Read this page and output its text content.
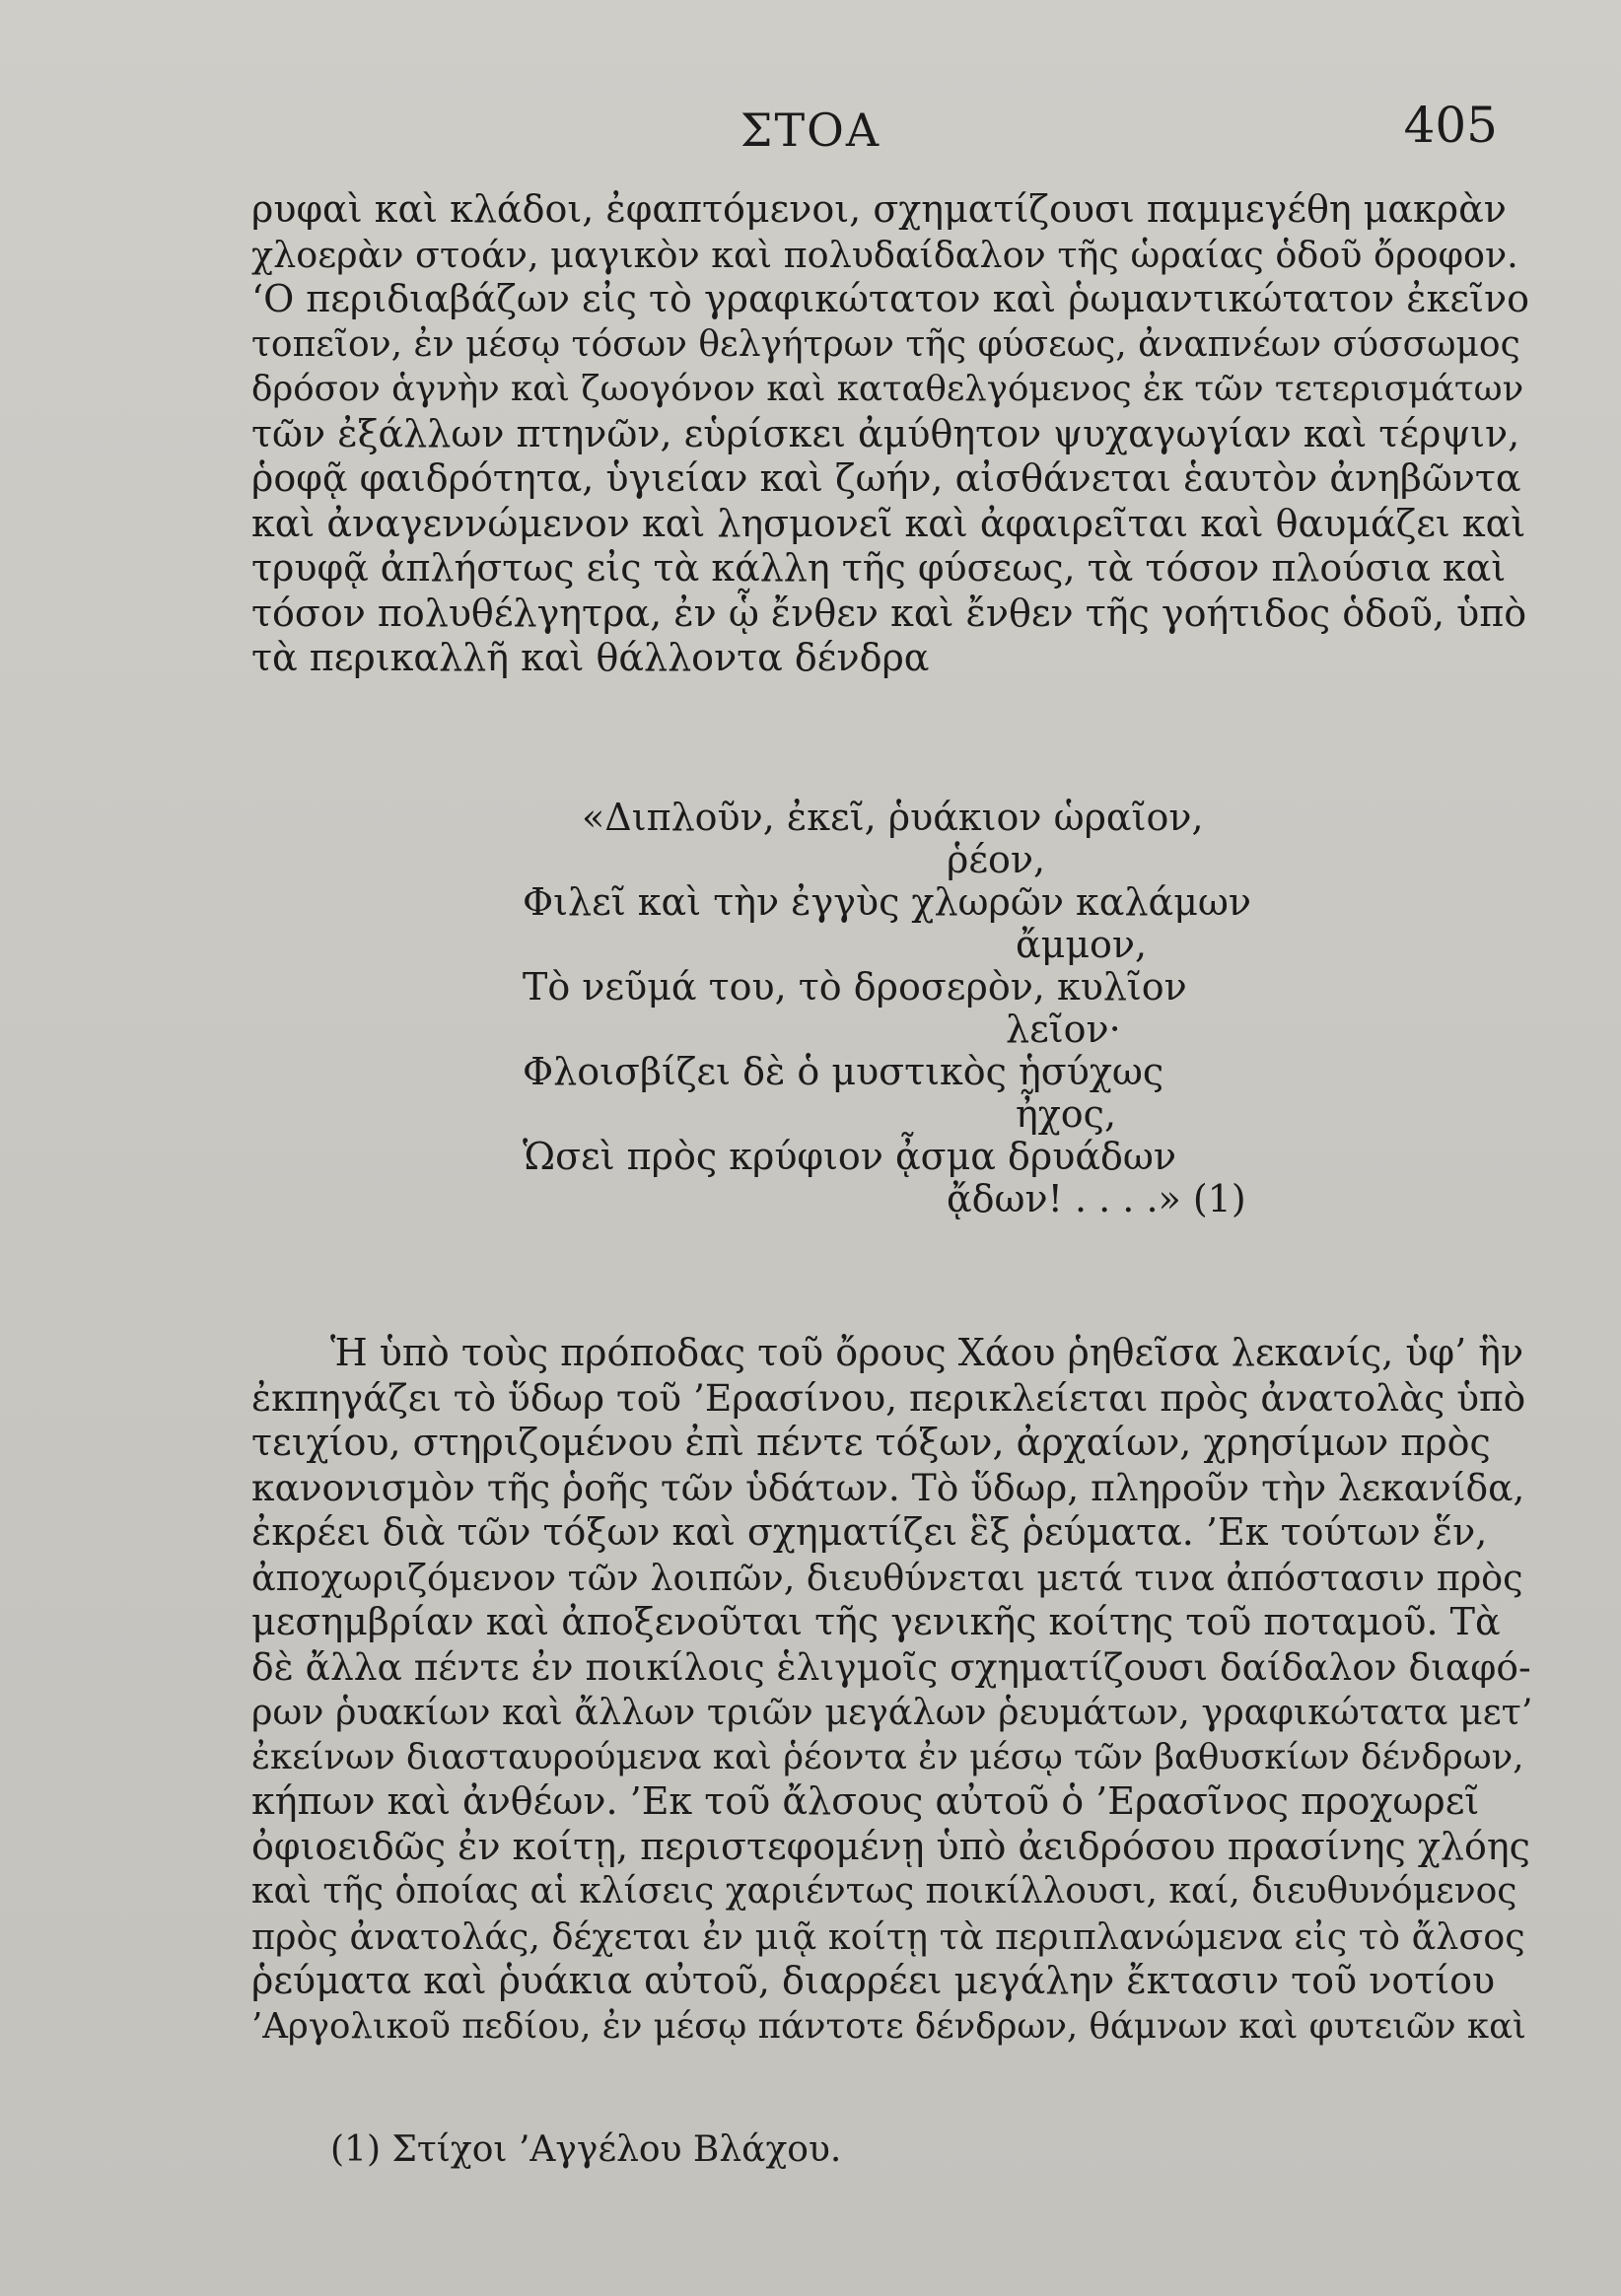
ΣΤΟΑ	405
ρυφαὶ καὶ κλάδοι, ἐφαπτόμενοι, σχηματίζουσι παμμεγέθη μακρὰν
χλοερὰν στοάν, μαγικὸν καὶ πολυδαίδαλον τῆς ὡραίας ὁδοῦ ὄροφον.
‘Ο περιδιαβάζων εἰς τὸ γραφικώτατον καὶ ῥωμαντικώτατον ἐκεῖνο
τοπεῖον, ἐν μέσῳ τόσων θελγήτρων τῆς φύσεως, ἀναπνέων σύσσωμος
δρόσον ἁγνὴν καὶ ζωογόνον καὶ καταθελγόμενος ἐκ τῶν τετερισμάτων
τῶν ἐξάλλων πτηνῶν, εὑρίσκει ἀμύθητον ψυχαγωγίαν καὶ τέρψιν,
ῥοφᾷ φαιδρότητα, ὑγιείαν καὶ ζωήν, αἰσθάνεται ἑαυτὸν ἀνηβῶντα
καὶ ἀναγεννώμενον καὶ λησμονεῖ καὶ ἀφαιρεῖται καὶ θαυμάζει καὶ
τρυφᾷ ἀπλήστως εἰς τὰ κάλλη τῆς φύσεως, τὰ τόσον πλούσια καὶ
τόσον πολυθέλγητρα, ἐν ᾧ ἔνθεν καὶ ἔνθεν τῆς γοήτιδος ὁδοῦ, ὑπὸ
τὰ περικαλλῆ καὶ θάλλοντα δένδρα
«Διπλοῦν, ἐκεῖ, ῥυάκιον ὡραῖον,
ῥέον,
Φιλεῖ καὶ τὴν ἐγγὺς χλωρῶν καλάμων
ἄμμον,
Τὸ νεῦμά του, τὸ δροσερὸν, κυλῖον
λεῖον·
Φλοισβίζει δὲ ὁ μυστικὸς ἡσύχως
ἦχος,
Ὡσεὶ πρὸς κρύφιον ᾆσμα δρυάδων
ᾄδων! . . . .» (1)
Ἡ ὑπὸ τοὺς πρόποδας τοῦ ὄρους Χάου ῥηθεῖσα λεκανίς, ὑφ’ ἣν
ἐκπηγάζει τὸ ὕδωρ τοῦ ’Ερασίνου, περικλείεται πρὸς ἀνατολὰς ὑπὸ
τειχίου, στηριζομένου ἐπὶ πέντε τόξων, ἀρχαίων, χρησίμων πρὸς
κανονισμὸν τῆς ῥοῆς τῶν ὑδάτων. Τὸ ὕδωρ, πληροῦν τὴν λεκανίδα,
ἐκρέει διὰ τῶν τόξων καὶ σχηματίζει ἓξ ῥεύματα. ’Εκ τούτων ἕν,
ἀποχωριζόμενον τῶν λοιπῶν, διευθύνεται μετά τινα ἀπόστασιν πρὸς
μεσημβρίαν καὶ ἀποξενοῦται τῆς γενικῆς κοίτης τοῦ ποταμοῦ. Τὰ
δὲ ἄλλα πέντε ἐν ποικίλοις ἑλιγμοῖς σχηματίζουσι δαίδαλον διαφό-
ρων ῥυακίων καὶ ἄλλων τριῶν μεγάλων ῥευμάτων, γραφικώτατα μετ’
ἐκείνων διασταυρούμενα καὶ ῥέοντα ἐν μέσῳ τῶν βαθυσκίων δένδρων,
κήπων καὶ ἀνθέων. ’Εκ τοῦ ἄλσους αὐτοῦ ὁ ’Ερασῖνος προχωρεῖ
ὀφιοειδῶς ἐν κοίτῃ, περιστεφομένῃ ὑπὸ ἀειδρόσου πρασίνης χλόης
καὶ τῆς ὁποίας αἱ κλίσεις χαριέντως ποικίλλουσι, καί, διευθυνόμενος
πρὸς ἀνατολάς, δέχεται ἐν μιᾷ κοίτῃ τὰ περιπλανώμενα εἰς τὸ ἄλσος
ῥεύματα καὶ ῥυάκια αὐτοῦ, διαρρέει μεγάλην ἔκτασιν τοῦ νοτίου
’Αργολικοῦ πεδίου, ἐν μέσῳ πάντοτε δένδρων, θάμνων καὶ φυτειῶν καὶ
(1) Στίχοι ’Αγγέλου Βλάχου.
